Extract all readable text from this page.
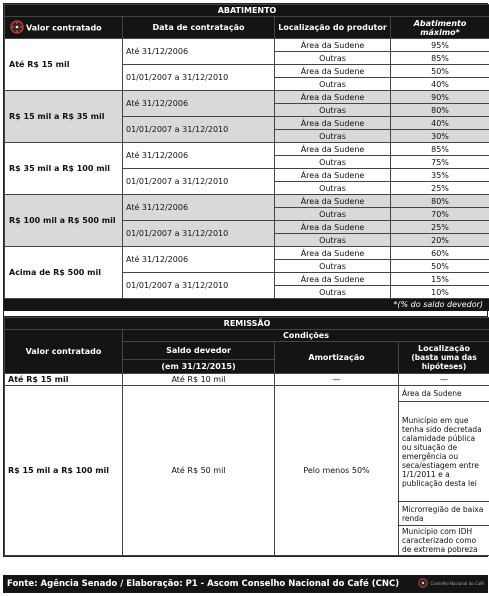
ABATIMENTO			
Valor contratado	Data de contratação	Localização do produtor	Abatimento máximo*
Até R$ 15 mil	Até 31/12/2006	Área da Sudene	95%
		Outras	85%
	01/01/2007 a 31/12/2010	Área da Sudene	50%
		Outras	40%
R$ 15 mil a R$ 35 mil	Até 31/12/2006	Área da Sudene	90%
		Outras	80%
	01/01/2007 a 31/12/2010	Área da Sudene	40%
		Outras	30%
R$ 35 mil a R$ 100 mil	Até 31/12/2006	Área da Sudene	85%
		Outras	75%
	01/01/2007 a 31/12/2010	Área da Sudene	35%
		Outras	25%
R$ 100 mil a R$ 500 mil	Até 31/12/2006	Área da Sudene	80%
		Outras	70%
	01/01/2007 a 31/12/2010	Área da Sudene	25%
		Outras	20%
Acima de R$ 500 mil	Até 31/12/2006	Área da Sudene	60%
		Outras	50%
	01/01/2007 a 31/12/2010	Área da Sudene	15%
		Outras	10%
*(% do saldo devedor)			
REMISSÃO			
Valor contratado	Condições		
	Saldo devedor	Amortização	Localização
(basta uma das hipóteses)

	(em 31/12/2015)		
Até R$ 15 mil	Até R$ 10 mil	—	—
R$ 15 mil a R$ 100 mil	Até R$ 50 mil	Pelo menos 50%	Área da Sudene
			Município em que tenha sido decretada calamidade pública ou situação de emergência ou seca/estiagem entre 1/1/2011 e a publicação desta lei
			Microrregião de baixa renda
			Município com IDH caracterizado como de extrema pobreza
Fonte: Agência Senado / Elaboração: P1 - Ascom Conselho Nacional do Café (CNC)	Conselho Nacional do Café
